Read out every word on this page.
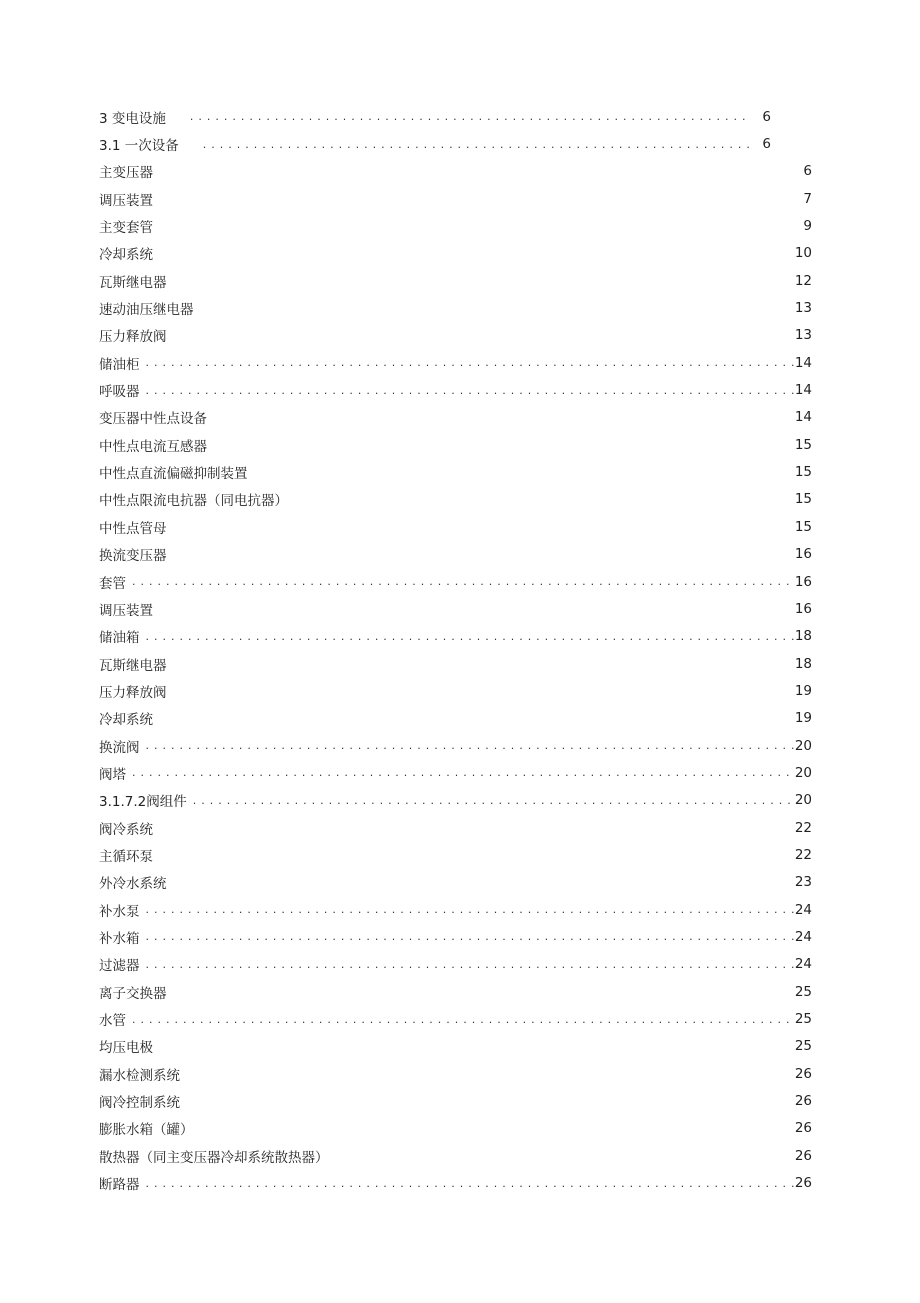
3 变电设施 . . .	6
3.1 一次设备 . . .	6
主变压器	6
调压装置	7
主变套管	9
冷却系统	10
瓦斯继电器	12
速动油压继电器	13
压力释放阀	13
储油柜 . . .	14
呼吸器 . . .	14
变压器中性点设备	14
中性点电流互感器	15
中性点直流偏磁抑制装置	15
中性点限流电抗器（同电抗器）	15
中性点管母	15
换流变压器	16
套管 . . .	16
调压装置	16
储油箱 . . .	18
瓦斯继电器	18
压力释放阀	19
冷却系统	19
换流阀 . . .	20
阀塔 . . .	20
3.1.7.2阀组件 . . .	20
阀冷系统	22
主循环泵	22
外冷水系统	23
补水泵 . . .	24
补水箱 . . .	24
过滤器 . . .	24
离子交换器	25
水管 . . .	25
均压电极	25
漏水检测系统	26
阀冷控制系统	26
膨胀水箱（罐）	26
散热器（同主变压器冷却系统散热器）	26
断路器 . . .	26
